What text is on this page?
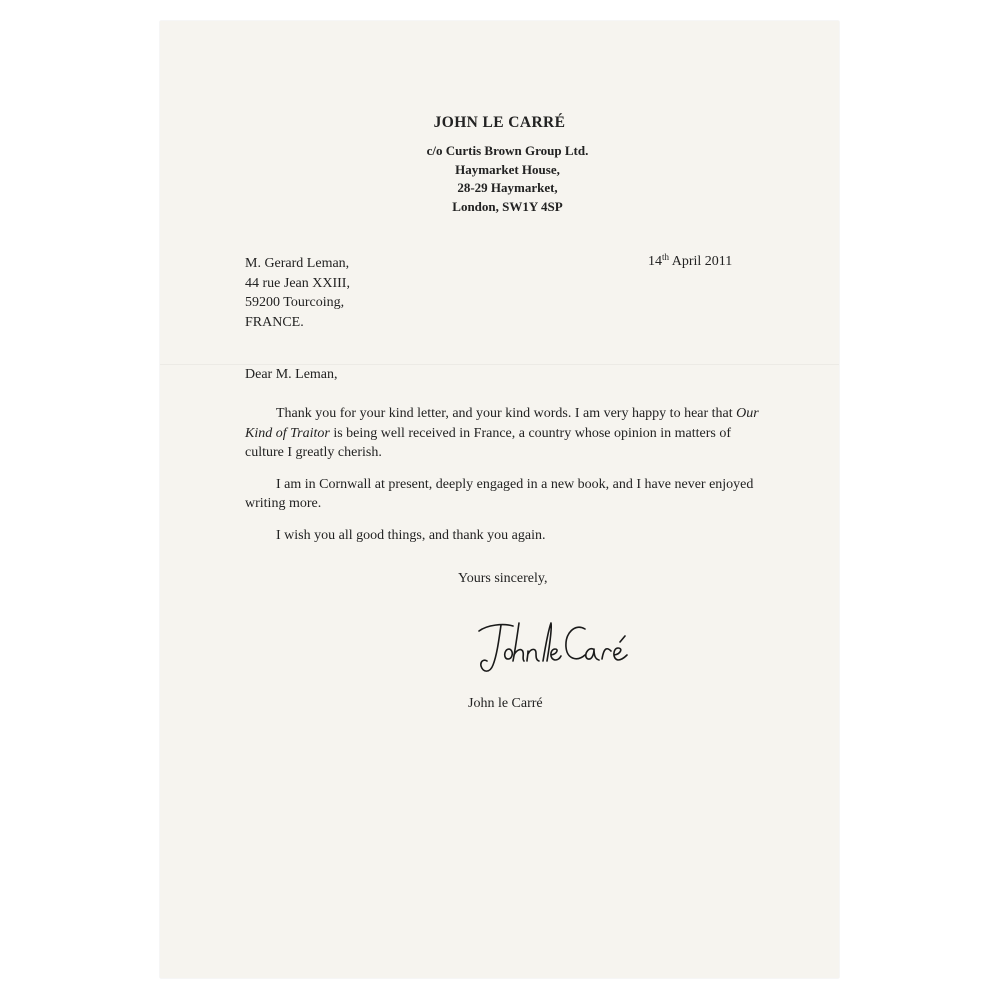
JOHN LE CARRÉ
c/o Curtis Brown Group Ltd.
Haymarket House,
28-29 Haymarket,
London, SW1Y 4SP
M. Gerard Leman,
44 rue Jean XXIII,
59200 Tourcoing,
FRANCE.
14th April 2011
Dear M. Leman,

Thank you for your kind letter, and your kind words. I am very happy to hear that Our Kind of Traitor is being well received in France, a country whose opinion in matters of culture I greatly cherish.

I am in Cornwall at present, deeply engaged in a new book, and I have never enjoyed writing more.

I wish you all good things, and thank you again.

Yours sincerely,
John le Carré
